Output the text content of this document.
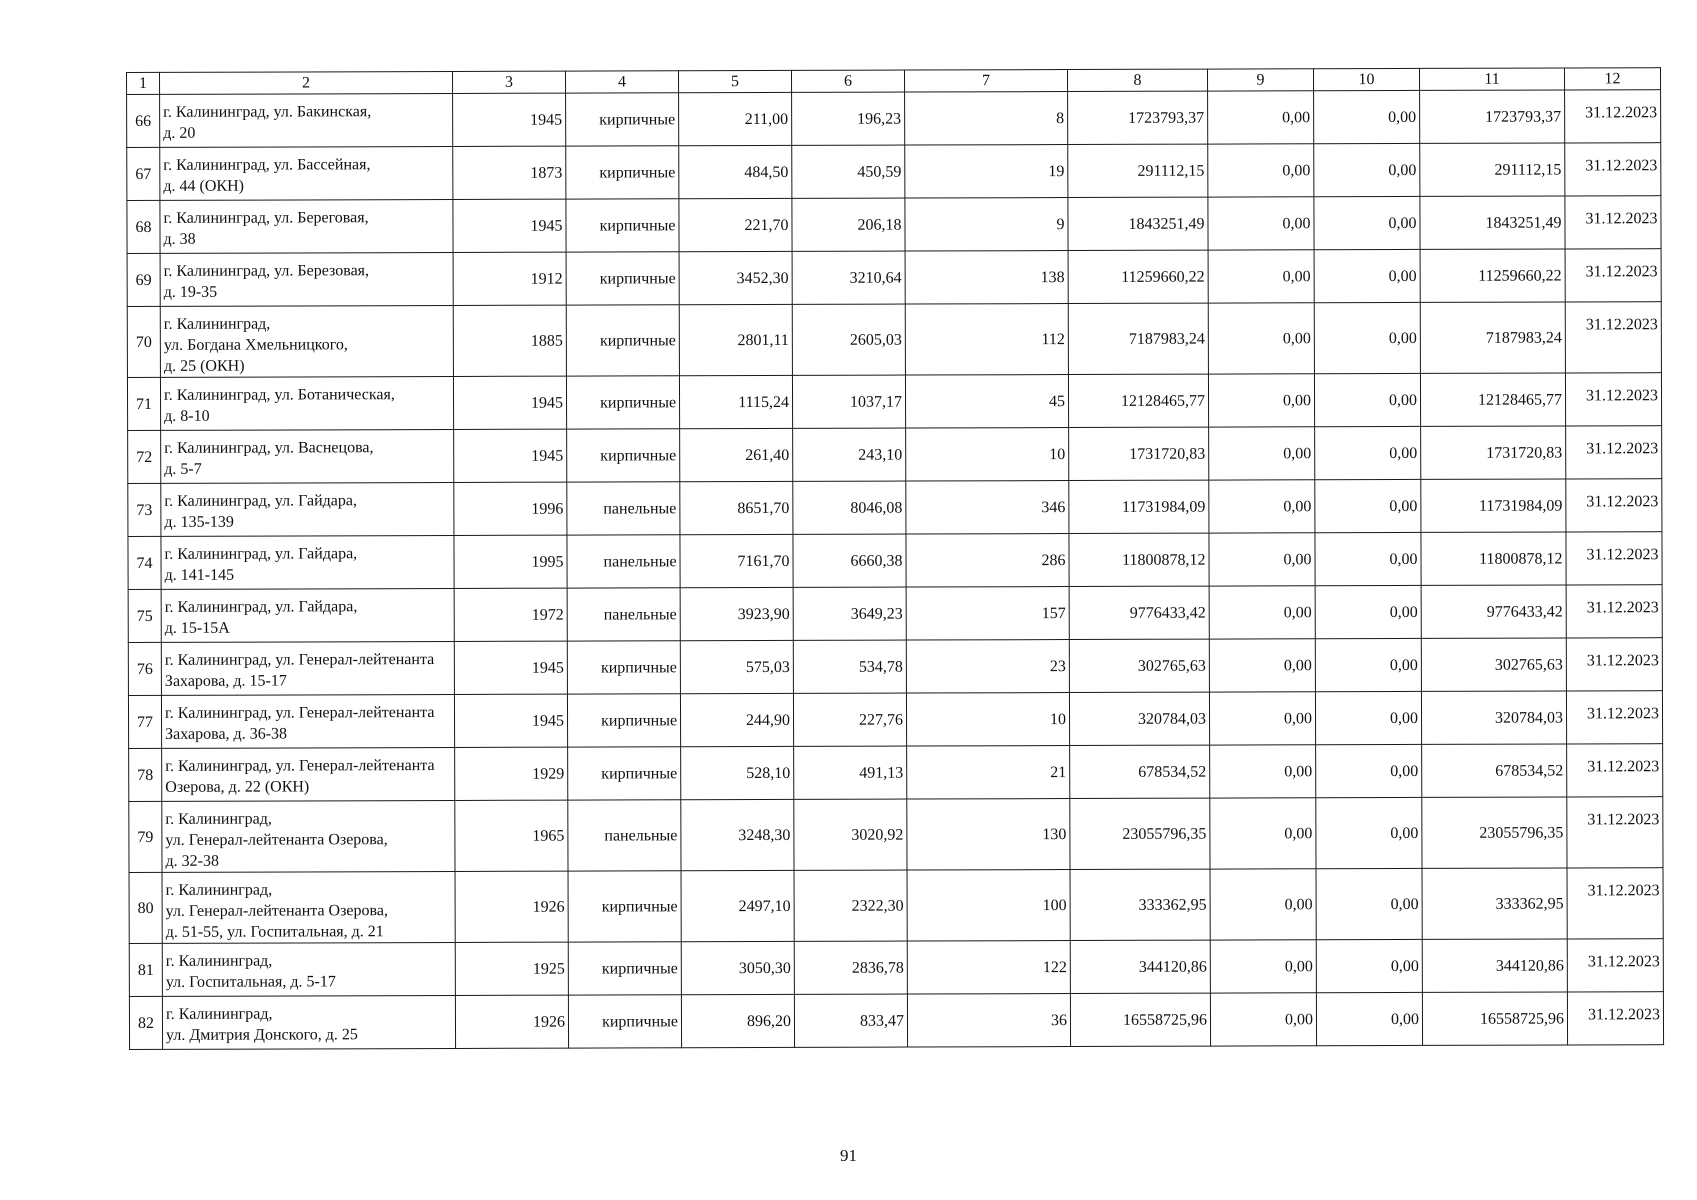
1	2	3	4	5	6	7	8	9	10	11	12
66	г. Калининград, ул. Бакинская,
д. 20	1945	кирпичные	211,00	196,23	8	1723793,37	0,00	0,00	1723793,37	31.12.2023
67	г. Калининград, ул. Бассейная,
д. 44 (ОКН)	1873	кирпичные	484,50	450,59	19	291112,15	0,00	0,00	291112,15	31.12.2023
68	г. Калининград, ул. Береговая,
д. 38	1945	кирпичные	221,70	206,18	9	1843251,49	0,00	0,00	1843251,49	31.12.2023
69	г. Калининград, ул. Березовая,
д. 19-35	1912	кирпичные	3452,30	3210,64	138	11259660,22	0,00	0,00	11259660,22	31.12.2023
70	г. Калининград,
ул. Богдана Хмельницкого,
д. 25 (ОКН)	1885	кирпичные	2801,11	2605,03	112	7187983,24	0,00	0,00	7187983,24	31.12.2023
71	г. Калининград, ул. Ботаническая,
д. 8-10	1945	кирпичные	1115,24	1037,17	45	12128465,77	0,00	0,00	12128465,77	31.12.2023
72	г. Калининград, ул. Васнецова,
д. 5-7	1945	кирпичные	261,40	243,10	10	1731720,83	0,00	0,00	1731720,83	31.12.2023
73	г. Калининград, ул. Гайдара,
д. 135-139	1996	панельные	8651,70	8046,08	346	11731984,09	0,00	0,00	11731984,09	31.12.2023
74	г. Калининград, ул. Гайдара,
д. 141-145	1995	панельные	7161,70	6660,38	286	11800878,12	0,00	0,00	11800878,12	31.12.2023
75	г. Калининград, ул. Гайдара,
д. 15-15А	1972	панельные	3923,90	3649,23	157	9776433,42	0,00	0,00	9776433,42	31.12.2023
76	г. Калининград, ул. Генерал-лейтенанта
Захарова, д. 15-17	1945	кирпичные	575,03	534,78	23	302765,63	0,00	0,00	302765,63	31.12.2023
77	г. Калининград, ул. Генерал-лейтенанта
Захарова, д. 36-38	1945	кирпичные	244,90	227,76	10	320784,03	0,00	0,00	320784,03	31.12.2023
78	г. Калининград, ул. Генерал-лейтенанта
Озерова, д. 22 (ОКН)	1929	кирпичные	528,10	491,13	21	678534,52	0,00	0,00	678534,52	31.12.2023
79	г. Калининград,
ул. Генерал-лейтенанта Озерова,
д. 32-38	1965	панельные	3248,30	3020,92	130	23055796,35	0,00	0,00	23055796,35	31.12.2023
80	г. Калининград,
ул. Генерал-лейтенанта Озерова,
д. 51-55, ул. Госпитальная, д. 21	1926	кирпичные	2497,10	2322,30	100	333362,95	0,00	0,00	333362,95	31.12.2023
81	г. Калининград,
ул. Госпитальная, д. 5-17	1925	кирпичные	3050,30	2836,78	122	344120,86	0,00	0,00	344120,86	31.12.2023
82	г. Калининград,
ул. Дмитрия Донского, д. 25	1926	кирпичные	896,20	833,47	36	16558725,96	0,00	0,00	16558725,96	31.12.2023
91
